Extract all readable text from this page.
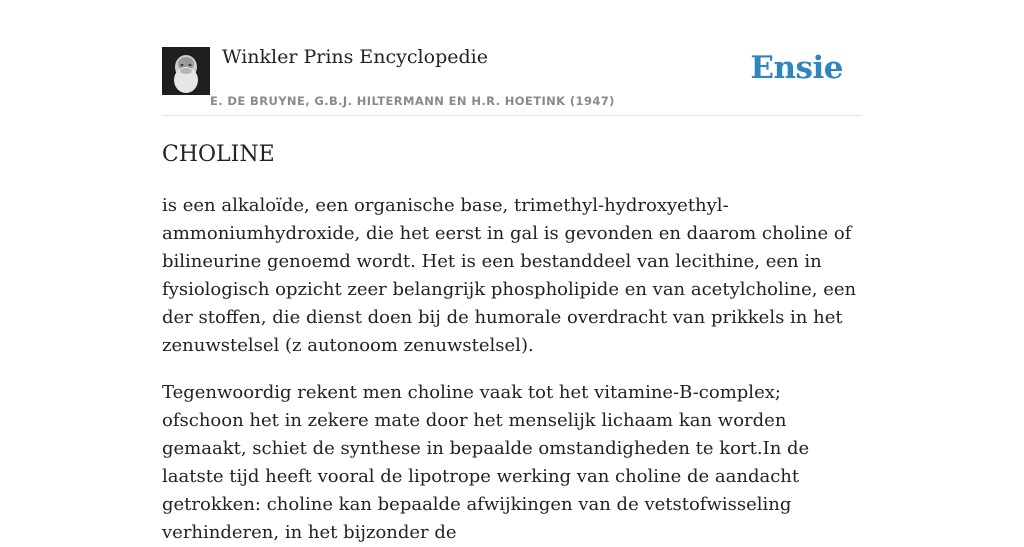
Winkler Prins Encyclopedie
E. DE BRUYNE, G.B.J. HILTERMANN EN H.R. HOETINK (1947)
Ensie
CHOLINE

is een alkaloïde, een organische base, trimethyl-hydroxyethyl-ammoniumhydroxide, die het eerst in gal is gevonden en daarom choline of bilineurine genoemd wordt. Het is een bestanddeel van lecithine, een in fysiologisch opzicht zeer belangrijk phospholipide en van acetylcholine, een der stoffen, die dienst doen bij de humorale overdracht van prikkels in het zenuwstelsel (z autonoom zenuwstelsel).

Tegenwoordig rekent men choline vaak tot het vitamine-B-complex; ofschoon het in zekere mate door het menselijk lichaam kan worden gemaakt, schiet de synthese in bepaalde omstandigheden te kort.In de laatste tijd heeft vooral de lipotrope werking van choline de aandacht getrokken: choline kan bepaalde afwijkingen van de vetstofwisseling verhinderen, in het bijzonder de
